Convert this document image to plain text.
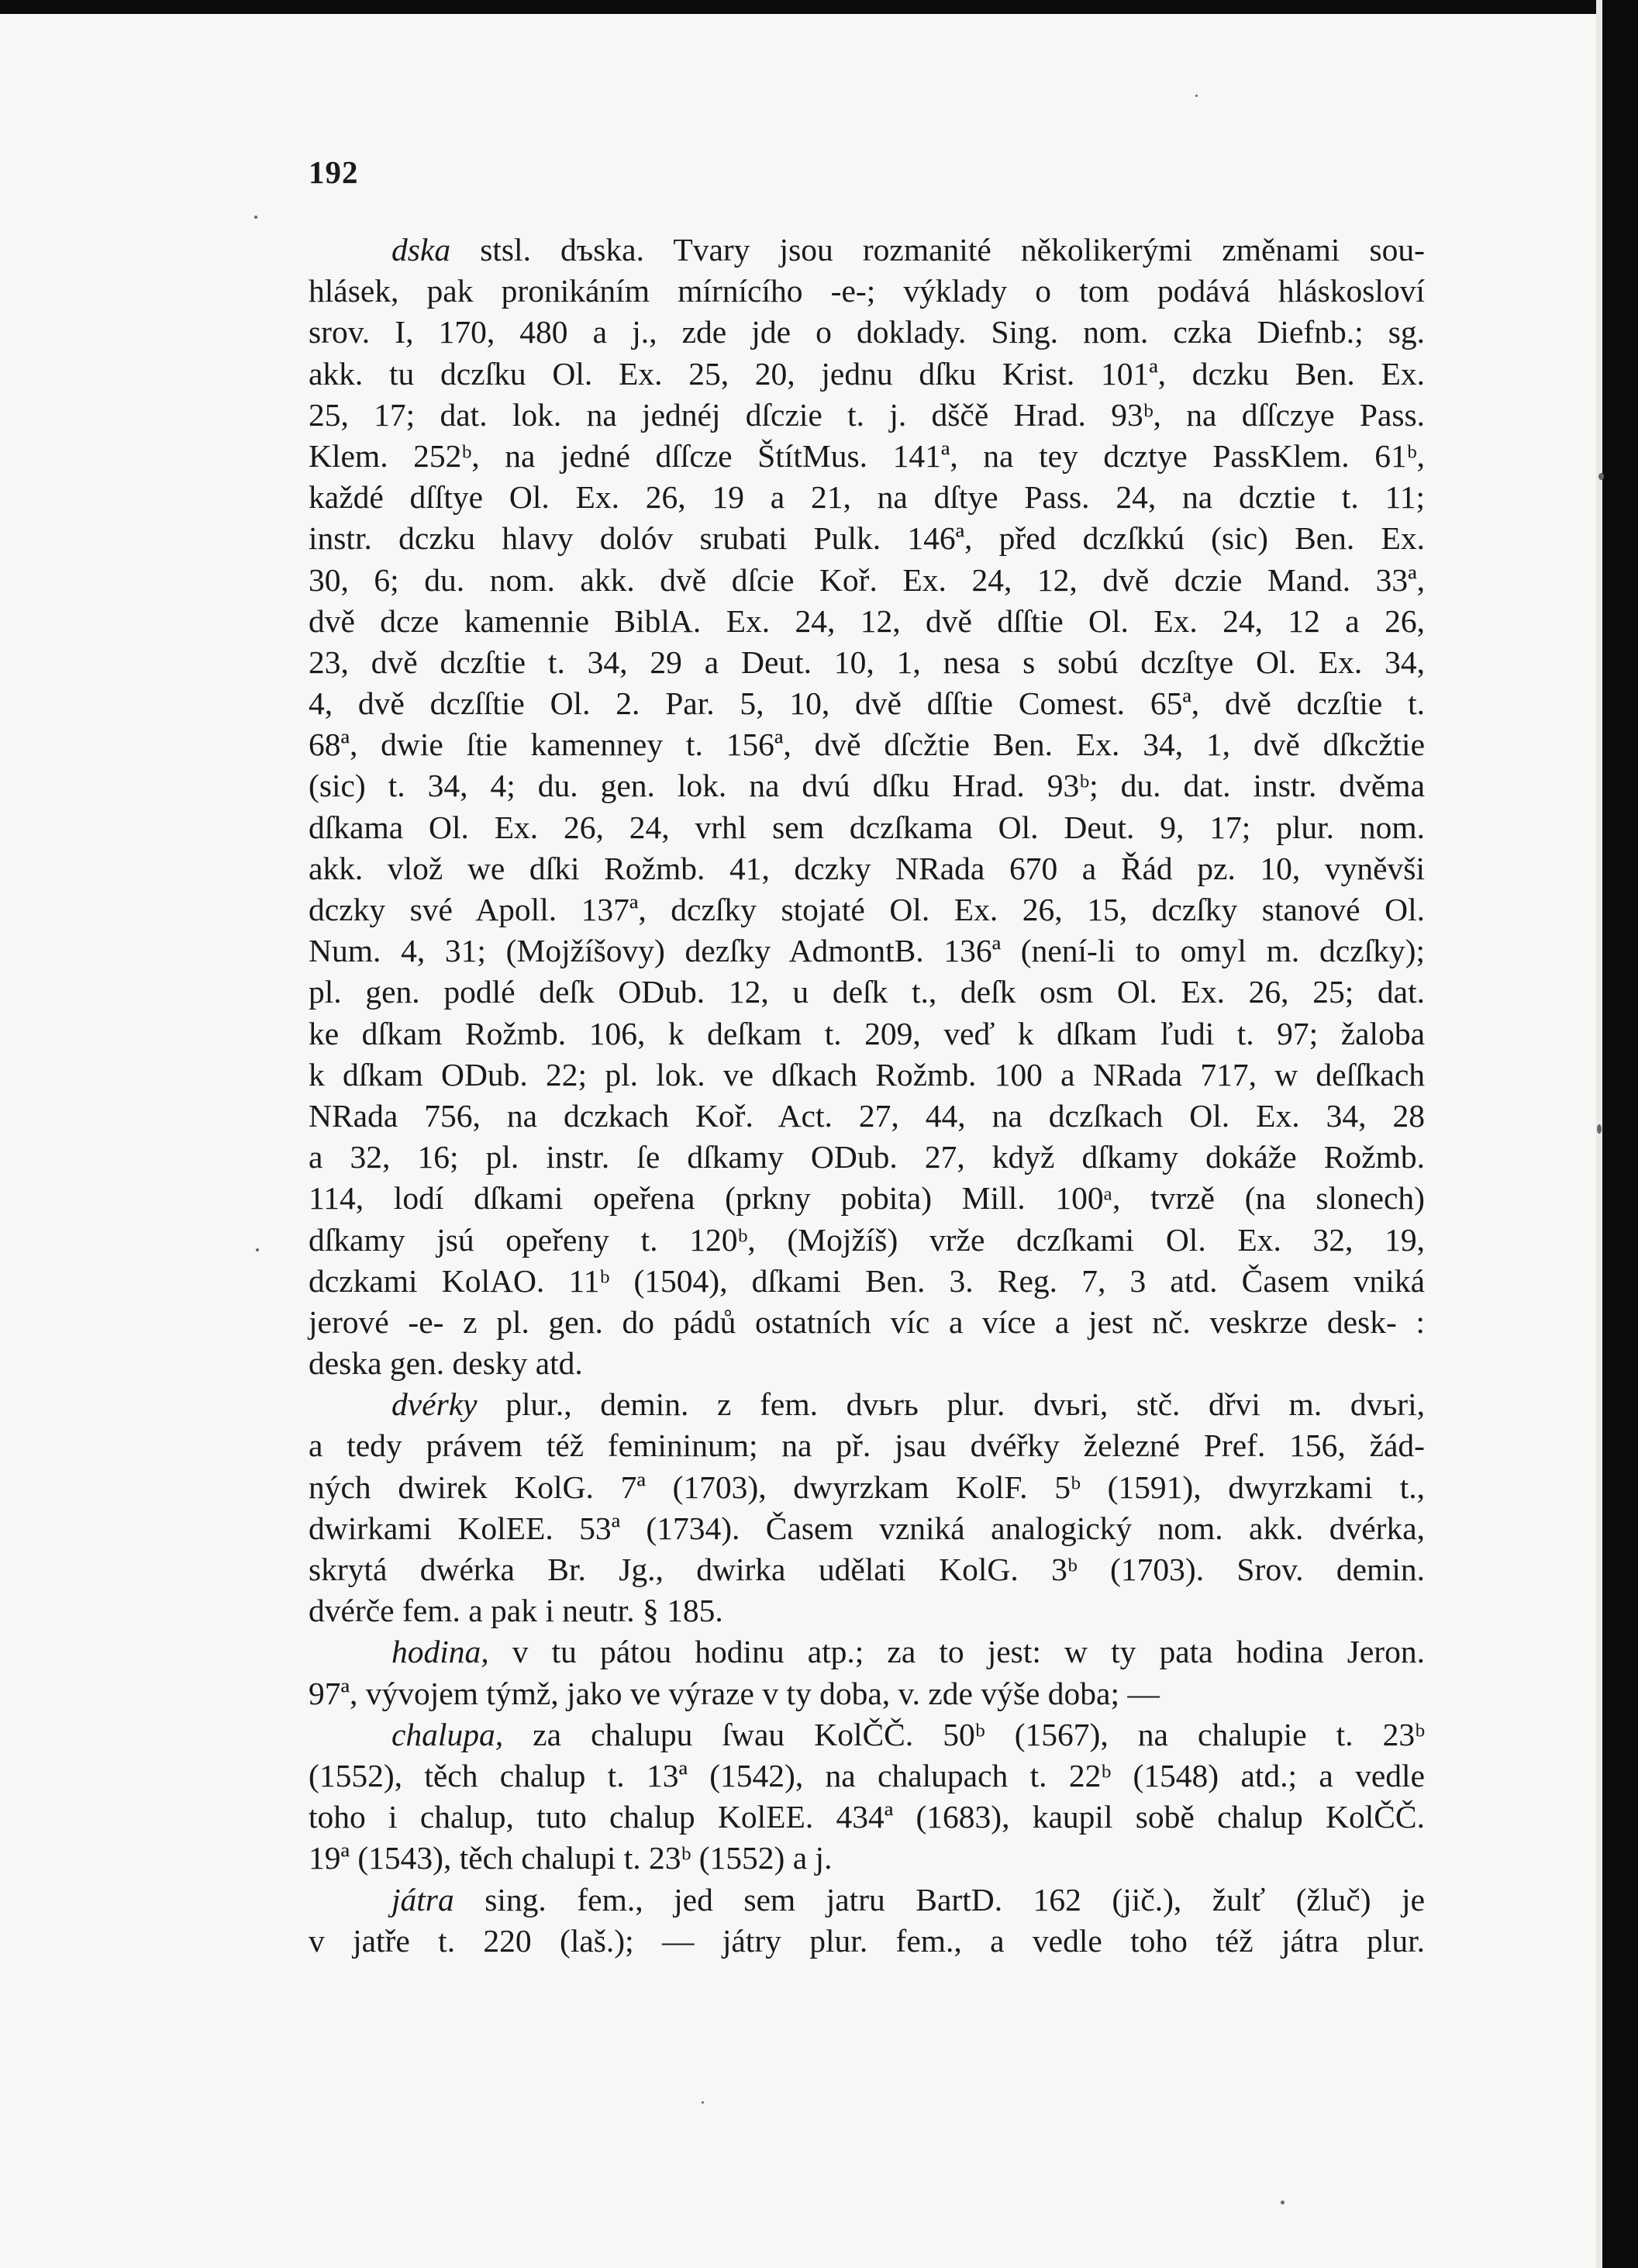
192
dska stsl. dъska. Tvary jsou rozmanité několikerými změnami sou-
hlásek, pak pronikáním mírnícího -e-; výklady o tom podává hláskosloví
srov. I, 170, 480 a j., zde jde o doklady. Sing. nom. czka Diefnb.; sg.
akk. tu dczſku Ol. Ex. 25, 20, jednu dſku Krist. 101ª, dczku Ben. Ex.
25, 17; dat. lok. na jednéj dſczie t. j. dščě Hrad. 93ᵇ, na dſſczye Pass.
Klem. 252ᵇ, na jedné dſſcze ŠtítMus. 141ª, na tey dcztye PassKlem. 61ᵇ,
každé dſſtye Ol. Ex. 26, 19 a 21, na dſtye Pass. 24, na dcztie t. 11;
instr. dczku hlavy dolóv srubati Pulk. 146ª, před dczſkkú (sic) Ben. Ex.
30, 6; du. nom. akk. dvě dſcie Koř. Ex. 24, 12, dvě dczie Mand. 33ª,
dvě dcze kamennie BiblA. Ex. 24, 12, dvě dſſtie Ol. Ex. 24, 12 a 26,
23, dvě dczſtie t. 34, 29 a Deut. 10, 1, nesa s sobú dczſtye Ol. Ex. 34,
4, dvě dczſſtie Ol. 2. Par. 5, 10, dvě dſſtie Comest. 65ª, dvě dczſtie t.
68ª, dwie ſtie kamenney t. 156ª, dvě dſcžtie Ben. Ex. 34, 1, dvě dſkcžtie
(sic) t. 34, 4; du. gen. lok. na dvú dſku Hrad. 93ᵇ; du. dat. instr. dvěma
dſkama Ol. Ex. 26, 24, vrhl sem dczſkama Ol. Deut. 9, 17; plur. nom.
akk. vlož we dſki Rožmb. 41, dczky NRada 670 a Řád pz. 10, vyněvši
dczky své Apoll. 137ª, dczſky stojaté Ol. Ex. 26, 15, dczſky stanové Ol.
Num. 4, 31; (Mojžíšovy) dezſky AdmontB. 136ª (není-li to omyl m. dczſky);
pl. gen. podlé deſk ODub. 12, u deſk t., deſk osm Ol. Ex. 26, 25; dat.
ke dſkam Rožmb. 106, k deſkam t. 209, veď k dſkam ľudi t. 97; žaloba
k dſkam ODub. 22; pl. lok. ve dſkach Rožmb. 100 a NRada 717, w deſſkach
NRada 756, na dczkach Koř. Act. 27, 44, na dczſkach Ol. Ex. 34, 28
a 32, 16; pl. instr. ſe dſkamy ODub. 27, když dſkamy dokáže Rožmb.
114, lodí dſkami opeřena (prkny pobita) Mill. 100ᵃ, tvrzě (na slonech)
dſkamy jsú opeřeny t. 120ᵇ, (Mojžíš) vrže dczſkami Ol. Ex. 32, 19,
dczkami KolAO. 11ᵇ (1504), dſkami Ben. 3. Reg. 7, 3 atd. Časem vniká
jerové -e- z pl. gen. do pádů ostatních víc a více a jest nč. veskrze desk- :
deska gen. desky atd.
dvérky plur., demin. z fem. dvьrь plur. dvьri, stč. dřvi m. dvьri,
a tedy právem též femininum; na př. jsau dvéřky železné Pref. 156, žád-
ných dwirek KolG. 7ª (1703), dwyrzkam KolF. 5ᵇ (1591), dwyrzkami t.,
dwirkami KolEE. 53ª (1734). Časem vzniká analogický nom. akk. dvérka,
skrytá dwérka Br. Jg., dwirka udělati KolG. 3ᵇ (1703). Srov. demin.
dvérče fem. a pak i neutr. § 185.
hodina, v tu pátou hodinu atp.; za to jest: w ty pata hodina Jeron.
97ª, vývojem týmž, jako ve výraze v ty doba, v. zde výše doba; —
chalupa, za chalupu ſwau KolČČ. 50ᵇ (1567), na chalupie t. 23ᵇ
(1552), těch chalup t. 13ª (1542), na chalupach t. 22ᵇ (1548) atd.; a vedle
toho i chalup, tuto chalup KolEE. 434ª (1683), kaupil sobě chalup KolČČ.
19ª (1543), těch chalupi t. 23ᵇ (1552) a j.
játra sing. fem., jed sem jatru BartD. 162 (jič.), žulť (žluč) je
v jatře t. 220 (laš.); — játry plur. fem., a vedle toho též játra plur.
